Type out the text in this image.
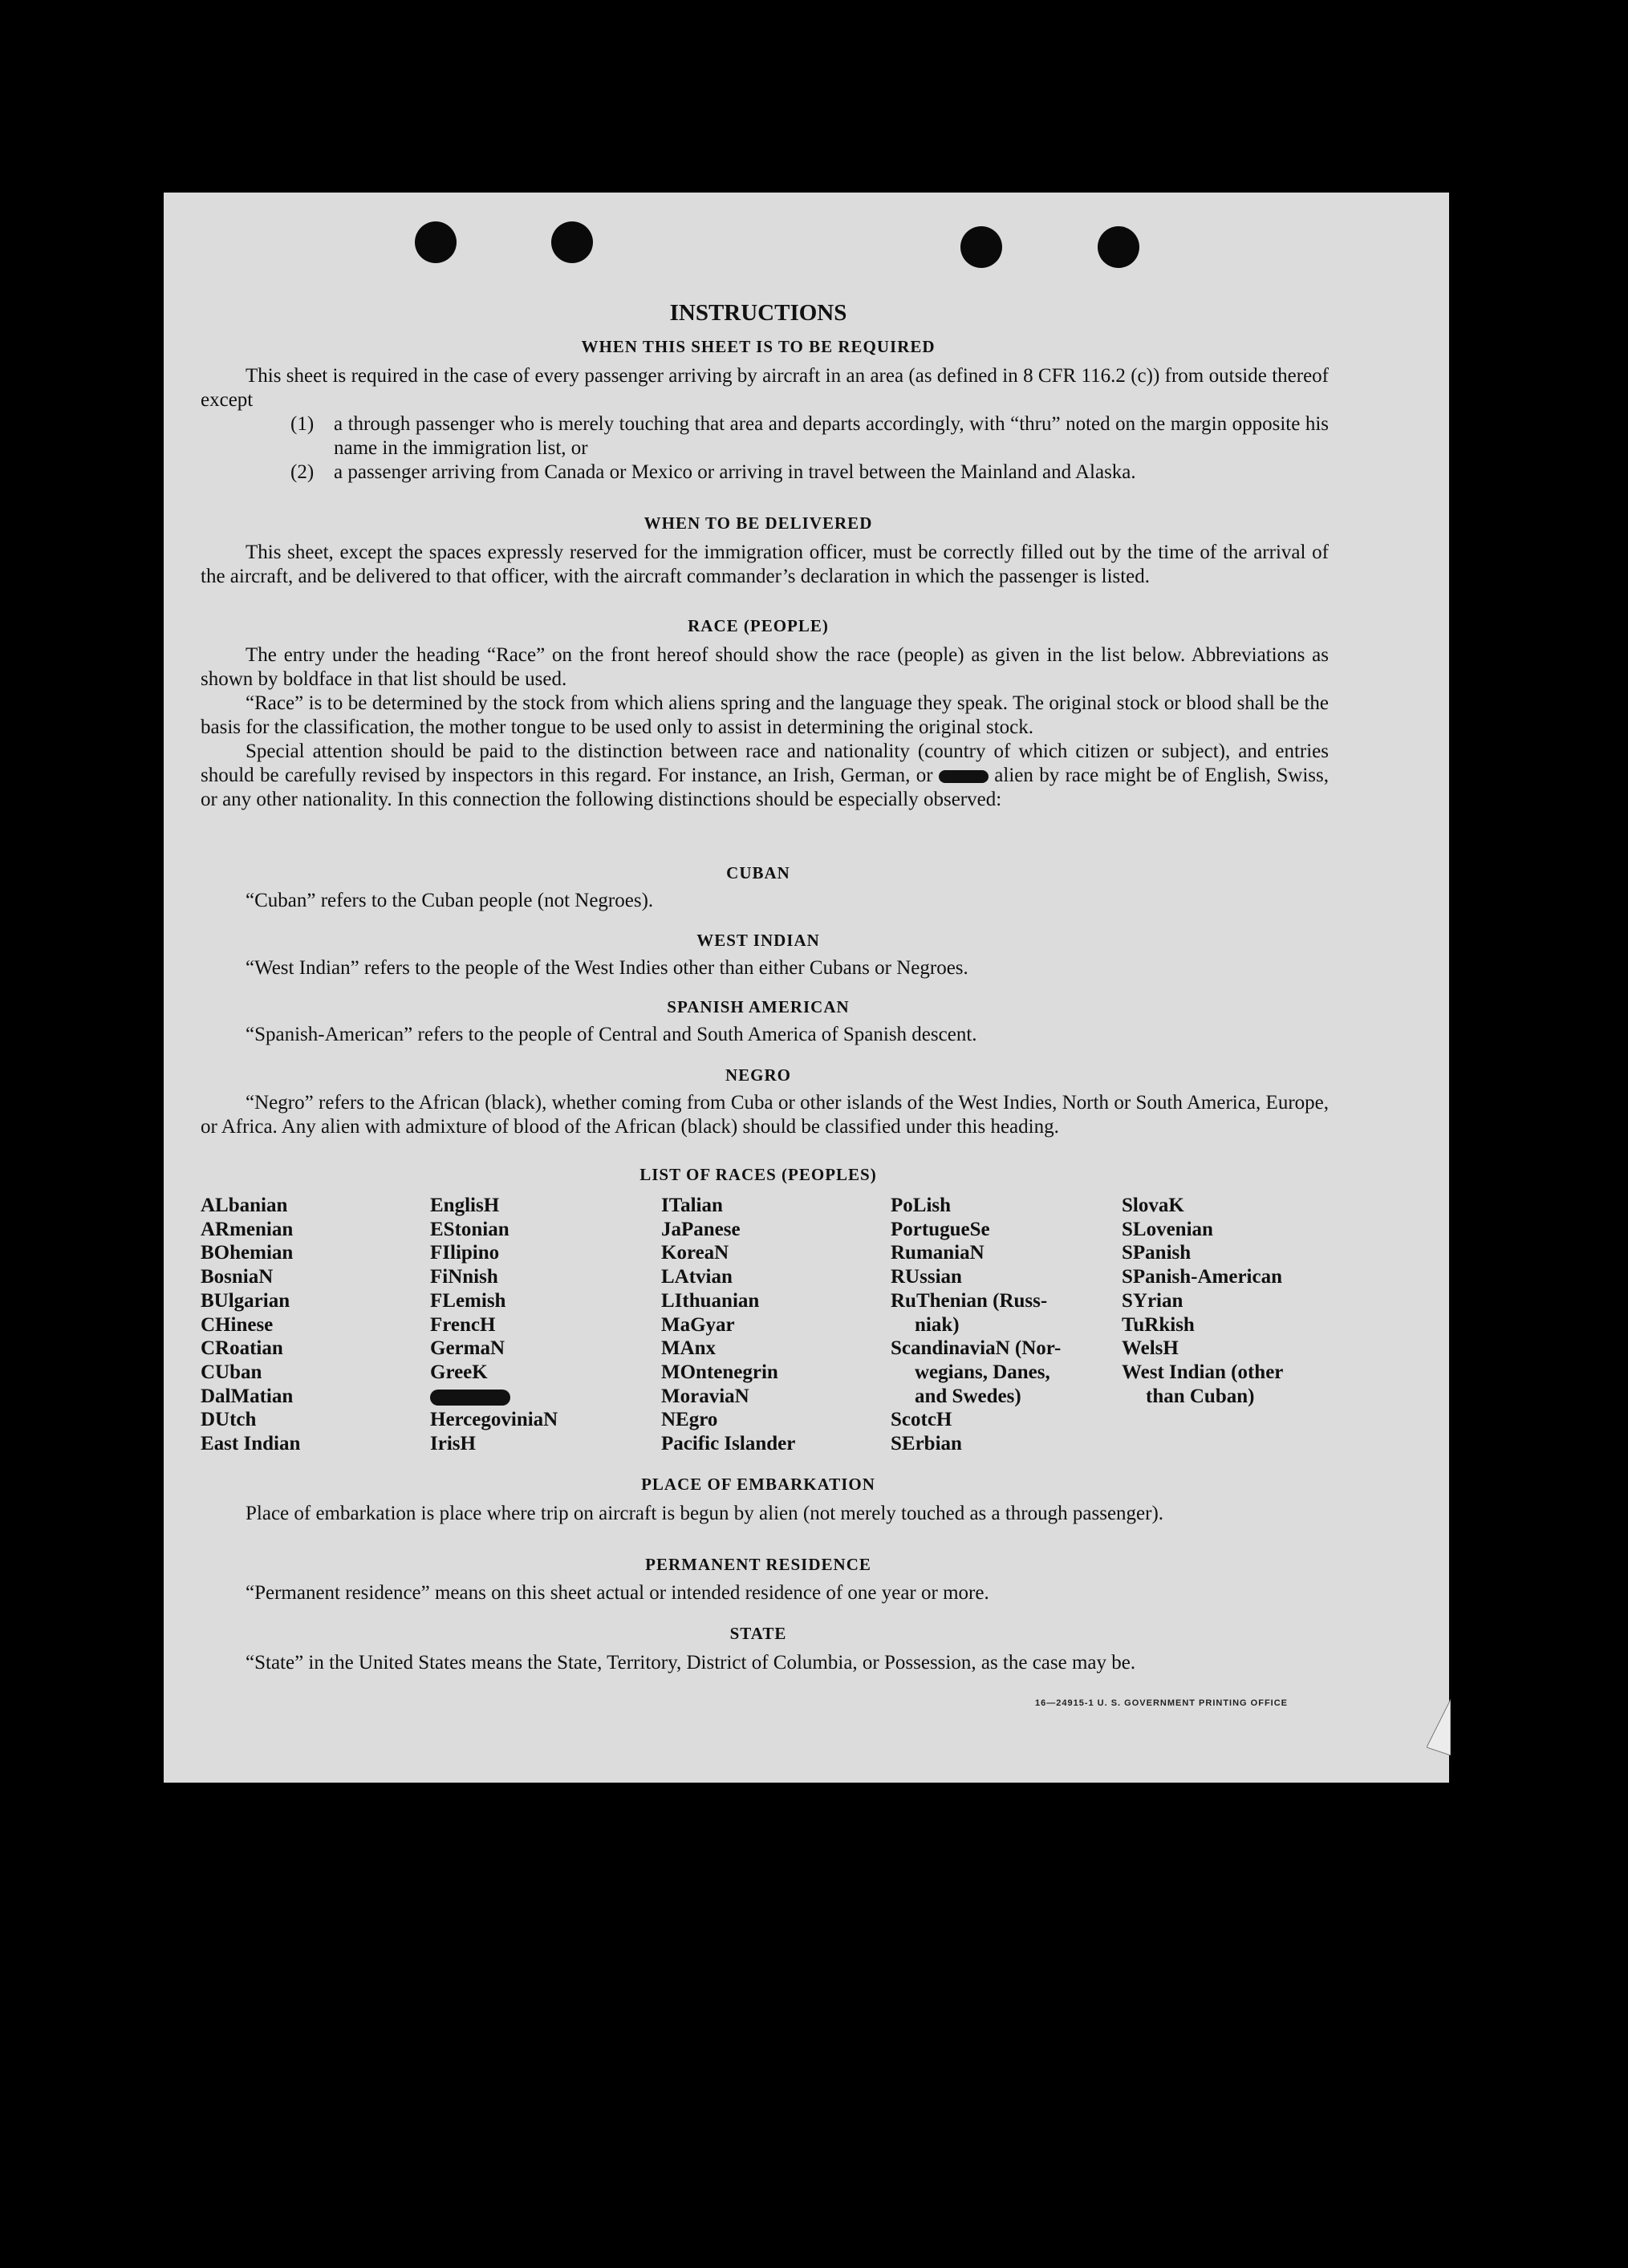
INSTRUCTIONS
WHEN THIS SHEET IS TO BE REQUIRED

This sheet is required in the case of every passenger arriving by aircraft in an area (as defined in 8 CFR 116.2 (c)) from outside thereof except

(1) a through passenger who is merely touching that area and departs accordingly, with “thru” noted on the margin opposite his name in the immigration list, or
(2) a passenger arriving from Canada or Mexico or arriving in travel between the Mainland and Alaska.
WHEN TO BE DELIVERED

This sheet, except the spaces expressly reserved for the immigration officer, must be correctly filled out by the time of the arrival of the aircraft, and be delivered to that officer, with the aircraft commander’s declaration in which the passenger is listed.

RACE (PEOPLE)

The entry under the heading “Race” on the front hereof should show the race (people) as given in the list below. Abbreviations as shown by boldface in that list should be used.

“Race” is to be determined by the stock from which aliens spring and the language they speak. The original stock or blood shall be the basis for the classification, the mother tongue to be used only to assist in determining the original stock.

Special attention should be paid to the distinction between race and nationality (country of which citizen or subject), and entries should be carefully revised by inspectors in this regard. For instance, an Irish, German, or	alien by race might be of English, Swiss, or any other nationality. In this connection the following distinctions should be especially observed:

CUBAN
“Cuban” refers to the Cuban people (not Negroes).
WEST INDIAN
“West Indian” refers to the people of the West Indies other than either Cubans or Negroes.
SPANISH AMERICAN
“Spanish-American” refers to the people of Central and South America of Spanish descent.
NEGRO

“Negro” refers to the African (black), whether coming from Cuba or other islands of the West Indies, North or South America, Europe, or Africa. Any alien with admixture of blood of the African (black) should be classified under this heading.

LIST OF RACES (PEOPLES)
ALbanian
ARmenian
BOhemian
BosniaN
BUlgarian
CHinese
CRoatian
CUban
DalMatian
DUtch
East Indian
EnglisH
EStonian
FIlipino
FiNnish
FLemish
FrencH
GermaN
GreeK
HercegoviniaN
IrisH
ITalian
JaPanese
KoreaN
LAtvian
LIthuanian
MaGyar
MAnx
MOntenegrin
MoraviaN
NEgro
Pacific Islander
PoLish
PortugueSe
RumaniaN
RUssian
RuThenian (Russ-
niak)
ScandinaviaN (Nor-
wegians, Danes,
and Swedes)
ScotcH
SErbian
SlovaK
SLovenian
SPanish
SPanish-American
SYrian
TuRkish
WelsH
West Indian (other
than Cuban)
PLACE OF EMBARKATION

Place of embarkation is place where trip on aircraft is begun by alien (not merely touched as a through passenger).

PERMANENT RESIDENCE
“Permanent residence” means on this sheet actual or intended residence of one year or more.
STATE

“State” in the United States means the State, Territory, District of Columbia, or Possession, as the case may be.

16—24915-1 U. S. GOVERNMENT PRINTING OFFICE
